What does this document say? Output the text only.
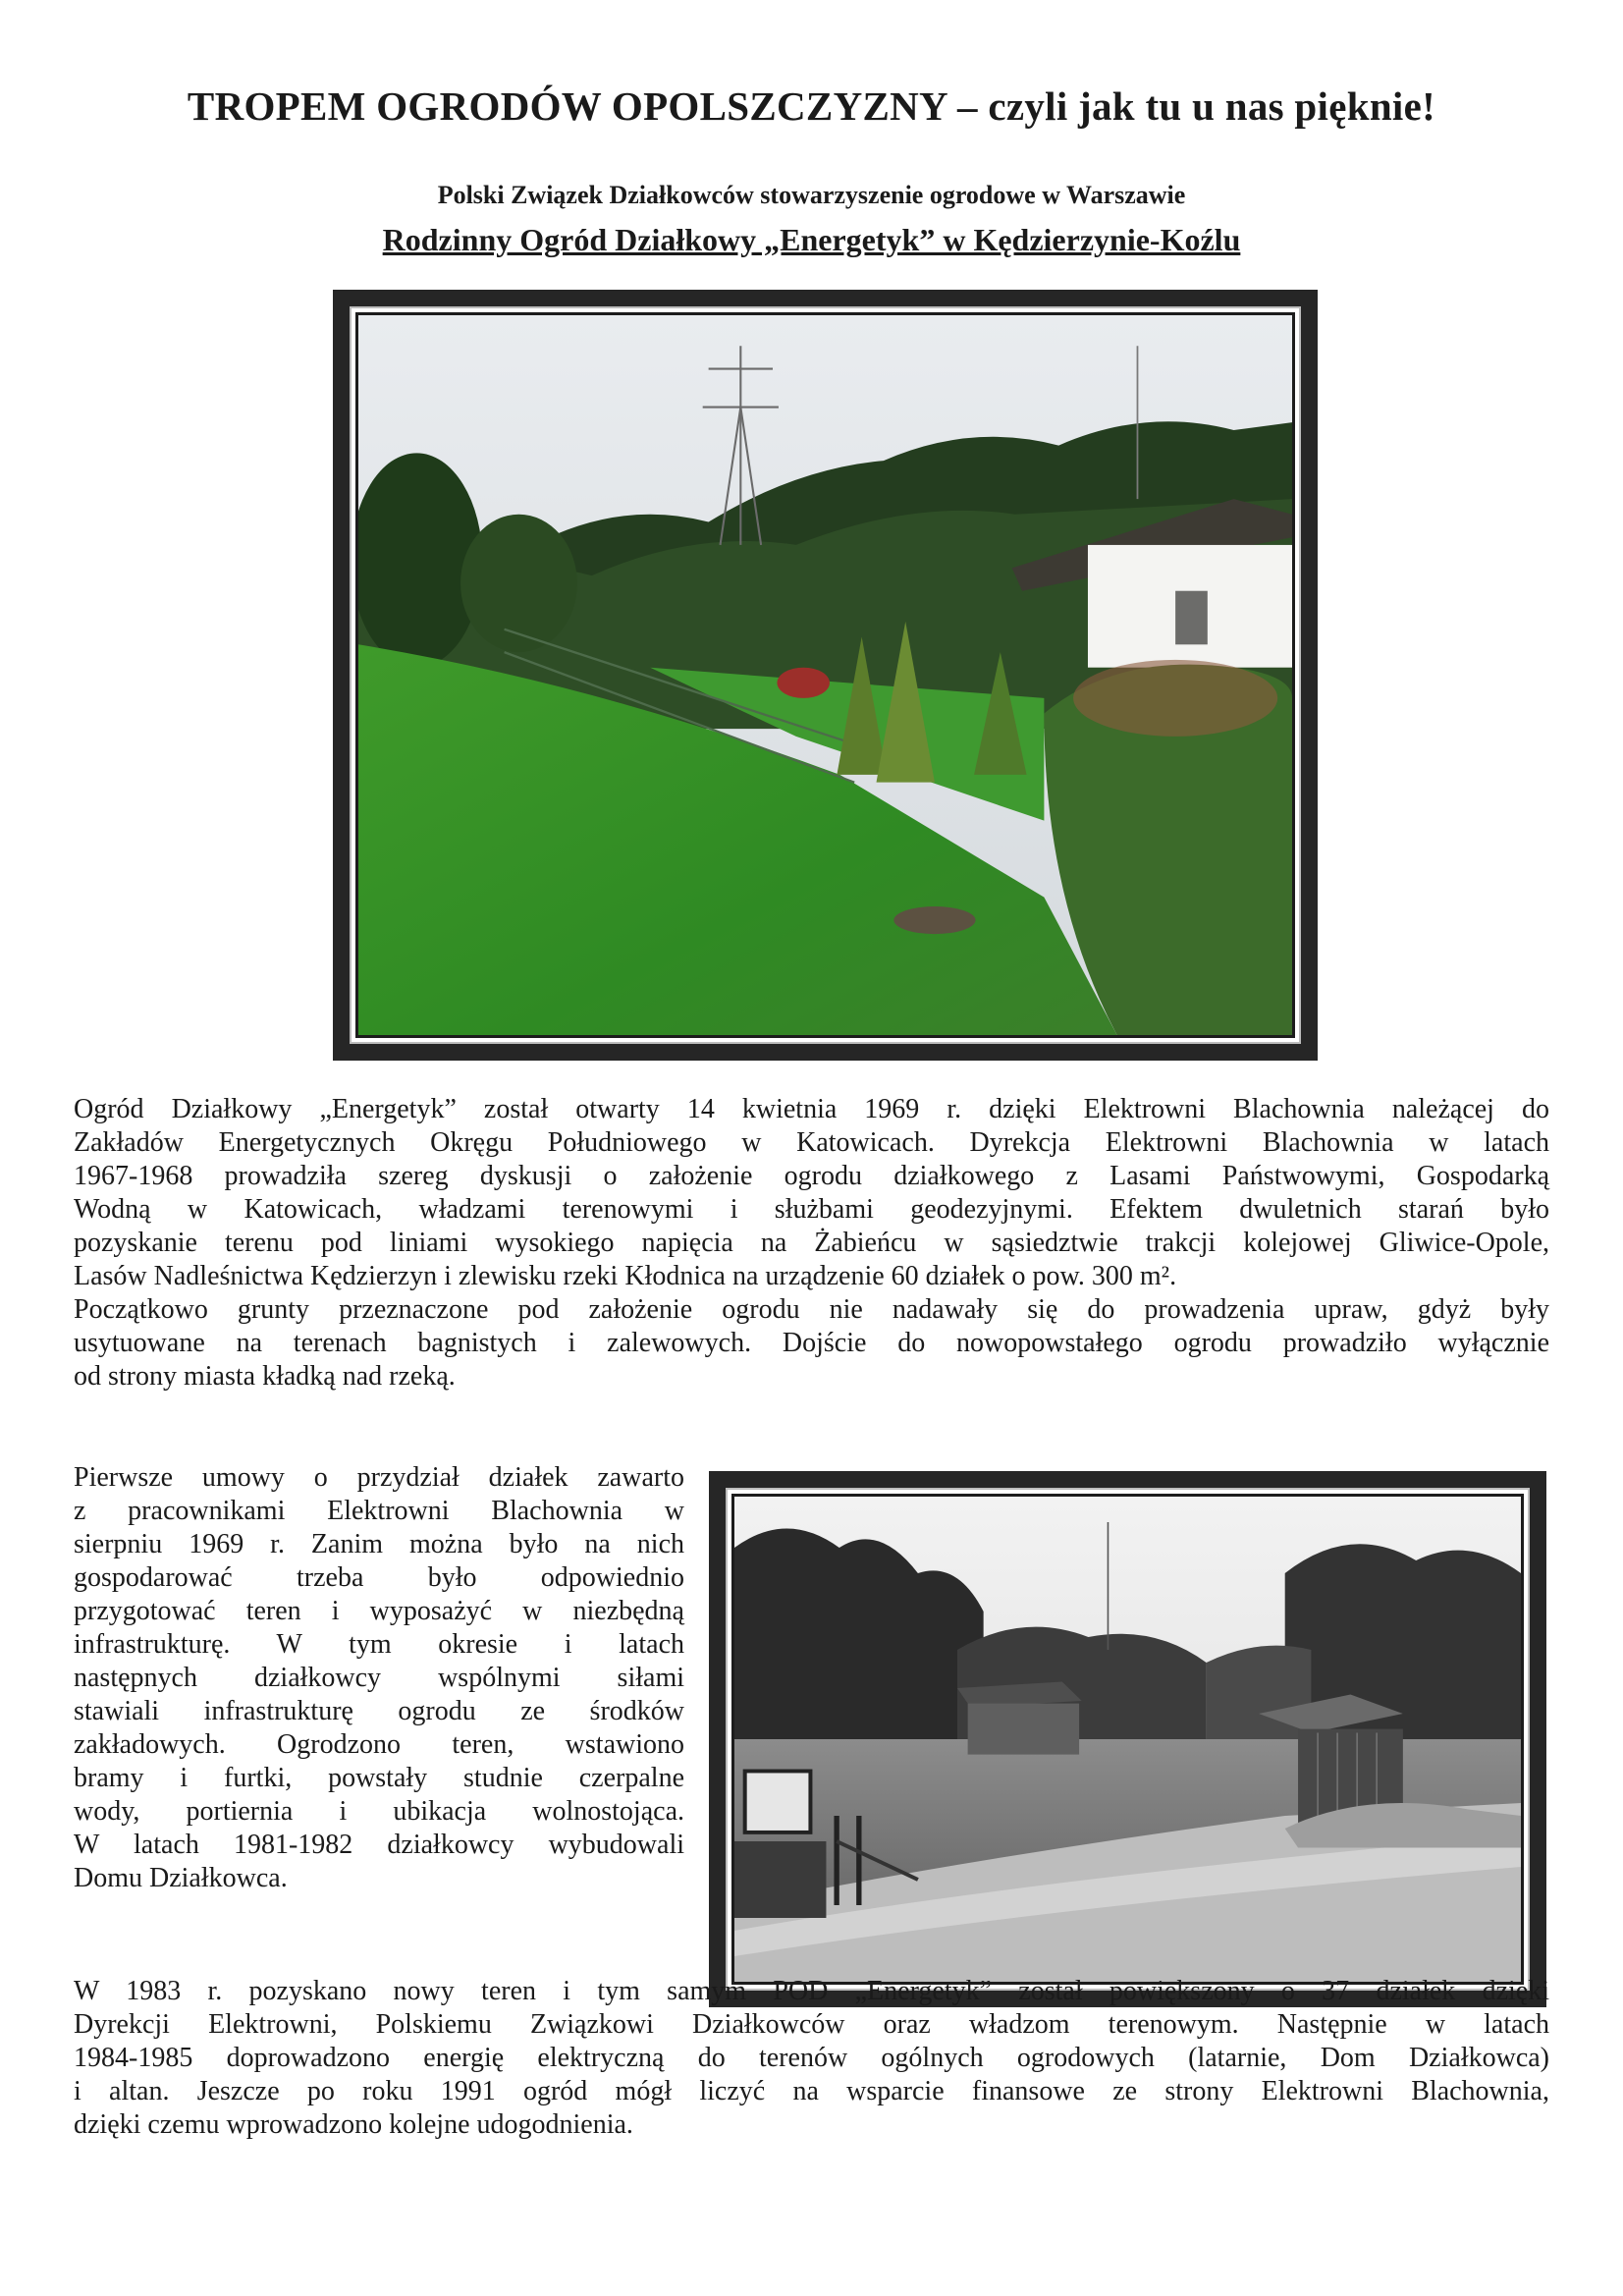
TROPEM OGRODÓW OPOLSZCZYZNY – czyli jak tu u nas pięknie!
Polski Związek Działkowców stowarzyszenie ogrodowe w Warszawie
Rodzinny Ogród Działkowy „Energetyk” w Kędzierzynie-Koźlu
Ogród Działkowy „Energetyk” został otwarty 14 kwietnia 1969 r. dzięki Elektrowni Blachownia należącej do
Zakładów Energetycznych Okręgu Południowego w Katowicach. Dyrekcja Elektrowni Blachownia w latach
1967-1968 prowadziła szereg dyskusji o założenie ogrodu działkowego z Lasami Państwowymi, Gospodarką
Wodną w Katowicach, władzami terenowymi i służbami geodezyjnymi. Efektem dwuletnich starań było
pozyskanie terenu pod liniami wysokiego napięcia na Żabieńcu w sąsiedztwie trakcji kolejowej Gliwice-Opole,
Lasów Nadleśnictwa Kędzierzyn i zlewisku rzeki Kłodnica na urządzenie 60 działek o pow. 300 m².
Początkowo grunty przeznaczone pod założenie ogrodu nie nadawały się do prowadzenia upraw, gdyż były
usytuowane na terenach bagnistych i zalewowych. Dojście do nowopowstałego ogrodu prowadziło wyłącznie
od strony miasta kładką nad rzeką.
Pierwsze umowy o przydział działek zawarto
z pracownikami Elektrowni Blachownia w
sierpniu 1969 r. Zanim można było na nich
gospodarować trzeba było odpowiednio
przygotować teren i wyposażyć w niezbędną
infrastrukturę. W tym okresie i latach
następnych działkowcy wspólnymi siłami
stawiali infrastrukturę ogrodu ze środków
zakładowych. Ogrodzono teren, wstawiono
bramy i furtki, powstały studnie czerpalne
wody, portiernia i ubikacja wolnostojąca.
W latach 1981-1982 działkowcy wybudowali
Domu Działkowca.
W 1983 r. pozyskano nowy teren i tym samym POD „Energetyk” został powiększony o 37 działek dzięki
Dyrekcji Elektrowni, Polskiemu Związkowi Działkowców oraz władzom terenowym. Następnie w latach
1984-1985 doprowadzono energię elektryczną do terenów ogólnych ogrodowych (latarnie, Dom Działkowca)
i altan. Jeszcze po roku 1991 ogród mógł liczyć na wsparcie finansowe ze strony Elektrowni Blachownia,
dzięki czemu wprowadzono kolejne udogodnienia.
